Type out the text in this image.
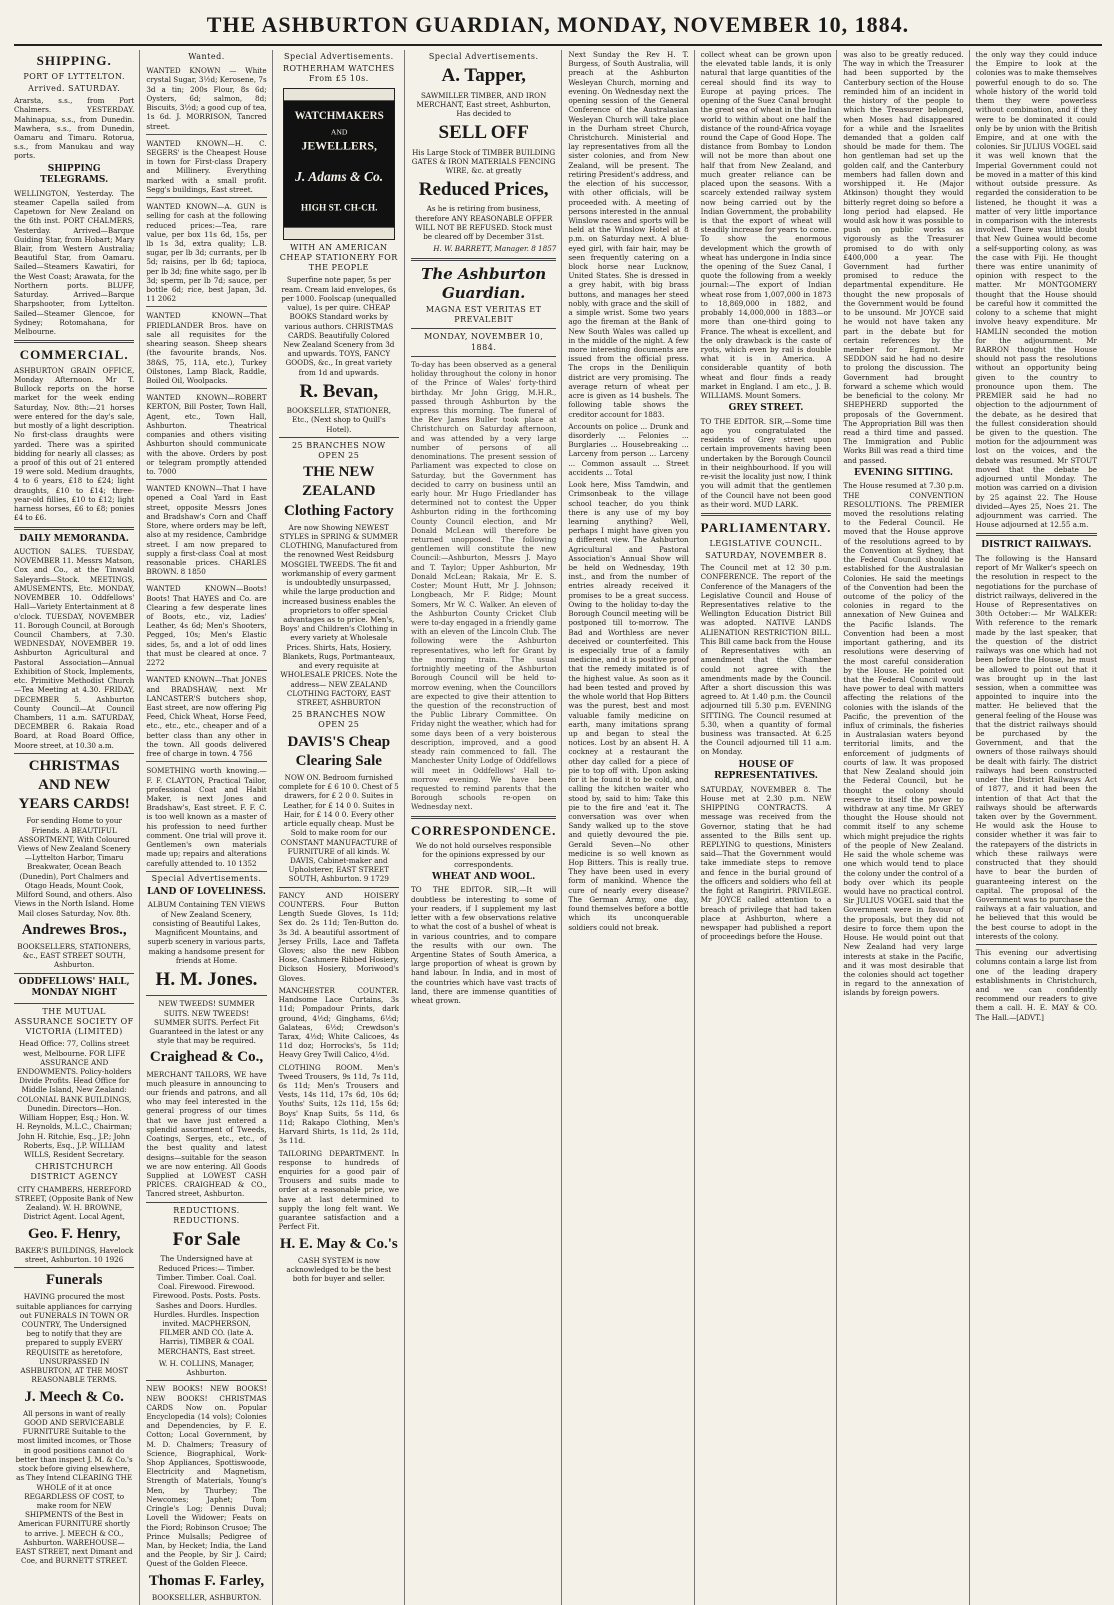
THE ASHBURTON GUARDIAN, MONDAY, NOVEMBER 10, 1884.
SHIPPING.
PORT OF LYTTELTON.
Arrived. SATURDAY.

Ararsta, s.s., from Port Chalmers. YESTERDAY. Mahinapua, s.s., from Dunedin. Mawhera, s.s., from Dunedin, Oamaru and Timaru. Rotorua, s.s., from Manukau and way ports.

SHIPPING TELEGRAMS.

WELLINGTON, Yesterday. The steamer Capella sailed from Capetown for New Zealand on the 6th inst. PORT CHALMERS, Yesterday. Arrived—Barque Guiding Star, from Hobart; Mary Blair, from Western Australia; Beautiful Star, from Oamaru. Sailed—Steamers Kawatiri, for the West Coast; Arawata, for the Northern ports. BLUFF, Saturday. Arrived—Barque Sharpshooter, from Lyttelton. Sailed—Steamer Glencoe, for Sydney; Rotomahana, for Melbourne.

COMMERCIAL.

ASHBURTON GRAIN OFFICE, Monday Afternoon. Mr T. Bullock reports on the horse market for the week ending Saturday, Nov. 8th:—21 horses were entered for the day's sale, but mostly of a light description. No first-class draughts were yarded. There was a spirited bidding for nearly all classes; as a proof of this out of 21 entered 19 were sold. Medium draughts, 4 to 6 years, £18 to £24; light draughts, £10 to £14; three-year-old fillies, £10 to £12; light harness horses, £6 to £8; ponies £4 to £6.

DAILY MEMORANDA.

AUCTION SALES. TUESDAY, NOVEMBER 11. Messrs Matson, Cox and Co., at the Tinwald Saleyards—Stock. MEETINGS, AMUSEMENTS, Etc. MONDAY, NOVEMBER 10. Oddfellows' Hall—Variety Entertainment at 8 o'clock. TUESDAY, NOVEMBER 11. Borough Council, at Borough Council Chambers, at 7.30. WEDNESDAY, NOVEMBER 19. Ashburton Agricultural and Pastoral Association—Annual Exhibition of Stock, Implements, etc. Primitive Methodist Church—Tea Meeting at 4.30. FRIDAY, DECEMBER 5. Ashburton County Council—At Council Chambers, 11 a.m. SATURDAY, DECEMBER 6. Rakaia Road Board, at Road Board Office, Moore street, at 10.30 a.m.

CHRISTMAS AND NEW YEARS CARDS!

For sending Home to your Friends. A BEAUTIFUL ASSORTMENT, With Coloured Views of New Zealand Scenery—Lyttelton Harbor, Timaru Breakwater, Ocean Beach (Dunedin), Port Chalmers and Otago Heads, Mount Cook, Milford Sound, and others. Also Views in the North Island. Home Mail closes Saturday, Nov. 8th.

Andrewes Bros.,

BOOKSELLERS, STATIONERS, &c., EAST STREET SOUTH, Ashburton.

ODDFELLOWS' HALL, MONDAY NIGHT
THE MUTUAL ASSURANCE SOCIETY OF VICTORIA (LIMITED)

Head Office: 77, Collins street west, Melbourne. FOR LIFE ASSURANCE AND ENDOWMENTS. Policy-holders Divide Profits. Head Office for Middle Island, New Zealand: COLONIAL BANK BUILDINGS, Dunedin. Directors—Hon. William Hopper, Esq.; Hon. W. H. Reynolds, M.L.C., Chairman; John H. Ritchie, Esq., J.P.; John Roberts, Esq., J.P. WILLIAM WILLS, Resident Secretary.

CHRISTCHURCH DISTRICT AGENCY

CITY CHAMBERS, HEREFORD STREET, (Opposite Bank of New Zealand). W. H. BROWNE, District Agent. Local Agent,

Geo. F. Henry,

BAKER'S BUILDINGS, Havelock street, Ashburton. 10 1926

Funerals

HAVING procured the most suitable appliances for carrying out FUNERALS IN TOWN OR COUNTRY, The Undersigned beg to notify that they are prepared to supply EVERY REQUISITE as heretofore, UNSURPASSED IN ASHBURTON, AT THE MOST REASONABLE TERMS.

J. Meech & Co.

All persons in want of really GOOD AND SERVICEABLE FURNITURE Suitable to the most limited incomes, or Those in good positions cannot do better than inspect J. M. & Co.'s stock before giving elsewhere, as They Intend CLEARING THE WHOLE of it at once REGARDLESS OF COST, to make room for NEW SHIPMENTS of the Best in American FURNITURE shortly to arrive. J. MEECH & CO., Ashburton. WAREHOUSE—EAST STREET, next Dimant and Coe, and BURNETT STREET.

Wanted.
WANTED KNOWN — White crystal Sugar, 3½d; Kerosene, 7s 3d a tin; 200s Flour, 8s 6d; Oysters, 6d; salmon, 8d; Biscuits, 3½d; a good cup of tea, 1s 6d. J. MORRISON, Tancred street.
WANTED KNOWN—H. C. SEGERS' is the Cheapest House in town for First-class Drapery and Millinery. Everything marked with a small profit. Segg's buildings, East street.
WANTED KNOWN—A. GUN is selling for cash at the following reduced prices:—Tea, rare value, per box 11s 6d, 15s, per lb 1s 3d, extra quality; L.B. sugar, per lb 3d; currants, per lb 5d; raisins, per lb 6d; tapioca, per lb 3d; fine white sago, per lb 3d; sperm, per lb 7d; sauce, per bottle 6d; rice, best Japan, 3d. 11 2062
WANTED KNOWN—That FRIEDLANDER Bros. have on sale all requisites for the shearing season. Sheep shears (the favourite brands, Nos. 38&S, 75, 11A, etc.), Turkey Oilstones, Lamp Black, Raddle, Boiled Oil, Woolpacks.
WANTED KNOWN—ROBERT KERTON, Bill Poster, Town Hall, Agent, etc., Town Hall, Ashburton. Theatrical companies and others visiting Ashburton should communicate with the above. Orders by post or telegram promptly attended to. 7000
WANTED KNOWN—That I have opened a Coal Yard in East street, opposite Messrs Jones and Bradshaw's Corn and Chaff Store, where orders may be left, also at my residence, Cambridge street. I am now prepared to supply a first-class Coal at most reasonable prices. CHARLES BROWN. 8 1850
WANTED KNOWN—Boots! Boots! That HAYES and Co. are Clearing a few desperate lines of Boots, etc., viz, Ladies' Leather, 4s 6d; Men's Shooters, Pegged, 10s; Men's Elastic sides, 5s, and a lot of odd lines that must be cleared at once. 7 2272
WANTED KNOWN—That JONES and BRADSHAW, next Mr LANCASTER'S butchers shop, East street, are now offering Pig Feed, Chick Wheat, Horse Feed, etc., etc., etc., cheaper and of a better class than any other in the town. All goods delivered free of charge in town. 4 756
SOMETHING worth knowing.—F. F. CLAYTON, Practical Tailor, professional Coat and Habit Maker, is next Jones and Bradshaw's, East street. F. F. C. is too well known as a master of his profession to need further comment. One trial will prove it. Gentlemen's own materials made up; repairs and alterations carefully attended to. 10 1352
Special Advertisements.
LAND OF LOVELINESS.

ALBUM Containing TEN VIEWS of New Zealand Scenery, consisting of Beautiful Lakes, Magnificent Mountains, and superb scenery in various parts, making a handsome present for friends at Home.

H. M. Jones.

NEW TWEEDS! SUMMER SUITS. NEW TWEEDS! SUMMER SUITS. Perfect Fit Guaranteed in the latest or any style that may be required.

Craighead & Co.,

MERCHANT TAILORS, WE have much pleasure in announcing to our friends and patrons, and all who may feel interested in the general progress of our times that we have just entered a splendid assortment of Tweeds, Coatings, Serges, etc., etc., of the best quality and latest designs—suitable for the season we are now entering. All Goods Supplied at LOWEST CASH PRICES. CRAIGHEAD & CO., Tancred street, Ashburton.

REDUCTIONS. REDUCTIONS.
For Sale

The Undersigned have at Reduced Prices:— Timber. Timber. Timber. Coal. Coal. Coal. Firewood. Firewood. Firewood. Posts. Posts. Posts. Sashes and Doors. Hurdles. Hurdles. Hurdles. Inspection invited. MACPHERSON, FILMER AND CO. (late A. Harris), TIMBER & COAL MERCHANTS, East street.

W. H. COLLINS, Manager, Ashburton.

NEW BOOKS! NEW BOOKS! NEW BOOKS! CHRISTMAS CARDS Now on. Popular Encyclopedia (14 vols); Colonies and Dependencies, by F. E. Cotton; Local Government, by M. D. Chalmers; Treasury of Science, Biographical, Work-Shop Appliances, Spottiswoode, Electricity and Magnetism, Strength of Materials, Young's Men, by Thurbey; The Newcomes; Japhet; Tom Cringle's Log; Dennis Duval; Lovell the Widower; Feats on the Fiord; Robinson Crusoe; The Prince Mulsalls; Pedigree of Man, by Hecket; India, the Land and the People, by Sir J. Caird; Quest of the Golden Fleece.

Thomas F. Farley,

BOOKSELLER, ASHBURTON.

Special Advertisements.
ROTHERHAM WATCHES From £5 10s.
WATCHMAKERS
AND
JEWELLERS,
J. Adams & Co.
HIGH ST. CH-CH.
WITH AN AMERICAN CHEAP STATIONERY FOR THE PEOPLE

Superfine note paper, 5s per ream. Cream laid envelopes, 6s per 1000. Foolscap (unequalled value), 1s per quire. CHEAP BOOKS Standard works by various authors. CHRISTMAS CARDS. Beautifully Colored New Zealand Scenery from 3d and upwards. TOYS, FANCY GOODS, &c., In great variety from 1d and upwards.

R. Bevan,

BOOKSELLER, STATIONER, Etc., (Next shop to Quill's Hotel).

25 BRANCHES NOW OPEN 25
THE NEW ZEALAND Clothing Factory

Are now Showing NEWEST STYLES in SPRING & SUMMER CLOTHING, Manufactured from the renowned West Reidsburg MOSGIEL TWEEDS. The fit and workmanship of every garment is undoubtedly unsurpassed, while the large production and increased business enables the proprietors to offer special advantages as to price. Men's, Boys' and Children's Clothing in every variety at Wholesale Prices. Shirts, Hats, Hosiery, Blankets, Rugs, Portmanteaux, and every requisite at WHOLESALE PRICES. Note the address— NEW ZEALAND CLOTHING FACTORY, EAST STREET, ASHBURTON

25 BRANCHES NOW OPEN 25
DAVIS'S Cheap Clearing Sale

NOW ON. Bedroom furnished complete for £ 6 10 0. Chest of 5 drawers, for £ 2 0 0. Suites in Leather, for £ 14 0 0. Suites in Hair, for £ 14 0 0. Every other article equally cheap. Must be Sold to make room for our CONSTANT MANUFACTURE of FURNITURE of all kinds. W. DAVIS, Cabinet-maker and Upholsterer, EAST STREET SOUTH, Ashburton. 9 1729

FANCY AND HOISERY COUNTERS. Four Button Length Suede Gloves, 1s 11d; Sex do. 2s 11d; Ten-Button do. 3s 3d. A beautiful assortment of Jersey Frills, Lace and Taffeta Gloves; also the new Ribbon Hose, Cashmere Ribbed Hosiery, Dickson Hosiery, Moriwood's Gloves.

MANCHESTER COUNTER. Handsome Lace Curtains, 3s 11d; Pompadour Prints, dark ground, 4½d; Ginghams, 6½d; Galateas, 6½d; Crewdson's Tarax, 4½d; White Calicoes, 4s 11d doz; Horrocks's, 5s 11d; Heavy Grey Twill Calico, 4½d.

CLOTHING ROOM. Men's Tweed Trousers, 9s 11d, 7s 11d, 6s 11d; Men's Trousers and Vests, 14s 11d, 17s 6d, 10s 6d; Youths' Suits, 12s 11d, 15s 6d; Boys' Knap Suits, 5s 11d, 6s 11d; Rakapo Clothing, Men's Harvard Shirts, 1s 11d, 2s 11d, 3s 11d.

TAILORING DEPARTMENT. In response to hundreds of enquiries for a good pair of Trousers and suits made to order at a reasonable price, we have at last determined to supply the long felt want. We guarantee satisfaction and a Perfect Fit.

H. E. May & Co.'s

CASH SYSTEM is now acknowledged to be the best both for buyer and seller.

Special Advertisements.
A. Tapper,

SAWMILLER TIMBER, AND IRON MERCHANT, East street, Ashburton, Has decided to

SELL OFF

His Large Stock of TIMBER BUILDING GATES & IRON MATERIALS FENCING WIRE, &c. at greatly

Reduced Prices,

As he is retiring from business, therefore ANY REASONABLE OFFER WILL NOT BE REFUSED. Stock must be cleared off by December 31st.

H. W. BARRETT, Manager. 8 1857

The Ashburton Guardian.
MAGNA EST VERITAS ET PREVALEBIT
MONDAY, NOVEMBER 10, 1884.

To-day has been observed as a general holiday throughout the colony in honor of the Prince of Wales' forty-third birthday. Mr John Grigg, M.H.R., passed through Ashburton by the express this morning. The funeral of the Rev James Buller took place at Christchurch on Saturday afternoon, and was attended by a very large number of persons of all denominations. The present session of Parliament was expected to close on Saturday, but the Government has decided to carry on business until an early hour. Mr Hugo Friedlander has determined not to contest the Upper Ashburton riding in the forthcoming County Council election, and Mr Donald McLean will therefore be returned unopposed. The following gentlemen will constitute the new Council:—Ashburton, Messrs J. Mayo and T. Taylor; Upper Ashburton, Mr Donald McLean; Rakaia, Mr E. S. Coster; Mount Hutt, Mr J. Johnson; Longbeach, Mr F. Ridge; Mount Somers, Mr W. C. Walker. An eleven of the Ashburton County Cricket Club were to-day engaged in a friendly game with an eleven of the Lincoln Club. The following were the Ashburton representatives, who left for Grant by the morning train. The usual fortnightly meeting of the Ashburton Borough Council will be held to-morrow evening, when the Councillors are expected to give their attention to the question of the reconstruction of the Public Library Committee. On Friday night the weather, which had for some days been of a very boisterous description, improved, and a good steady rain commenced to fall. The Manchester Unity Lodge of Oddfellows will meet in Oddfellows' Hall to-morrow evening. We have been requested to remind parents that the Borough schools re-open on Wednesday next.

CORRESPONDENCE.

We do not hold ourselves responsible for the opinions expressed by our correspondents.

WHEAT AND WOOL.

TO THE EDITOR. SIR,—It will doubtless be interesting to some of your readers, if I supplement my last letter with a few observations relative to what the cost of a bushel of wheat is in various countries, and to compare the results with our own. The Argentine States of South America, a large proportion of wheat is grown by hand labour. In India, and in most of the countries which have vast tracts of land, there are immense quantities of wheat grown.

Next Sunday the Rev H. T. Burgess, of South Australia, will preach at the Ashburton Wesleyan Church, morning and evening. On Wednesday next the opening session of the General Conference of the Australasian Wesleyan Church will take place in the Durham street Church, Christchurch. Ministerial and lay representatives from all the sister colonies, and from New Zealand, will be present. The retiring President's address, and the election of his successor, with other officials, will be proceeded with. A meeting of persons interested in the annual Winslow races and sports will be held at the Winslow Hotel at 8 p.m. on Saturday next. A blue-eyed girl, with fair hair, may be seen frequently catering on a block horse near Lucknow, United States. She is dressed in a grey habit, with big brass buttons, and manages her steed nobly, with grace and the skill of a simple wrist. Some two years ago the fireman at the Bank of New South Wales was called up in the middle of the night. A few more interesting documents are issued from the official press. The crops in the Deniliquin district are very promising. The average return of wheat per acre is given as 14 bushels. The following table shows the creditor account for 1883.

Accounts on police ... Drunk and disorderly ... Felonies ... Burglaries ... Housebreaking ... Larceny from person ... Larceny ... Common assault ... Street accidents ... Total

Look here, Miss Tamdwin, and Crimsonbeak to the village school teacher, do you think there is any use of my boy learning anything? Well, perhaps I might have given you a different view. The Ashburton Agricultural and Pastoral Association's Annual Show will be held on Wednesday, 19th inst., and from the number of entries already received it promises to be a great success. Owing to the holiday to-day the Borough Council meeting will be postponed till to-morrow. The Bad and Worthless are never deceived or counterfeited. This is especially true of a family medicine, and it is positive proof that the remedy imitated is of the highest value. As soon as it had been tested and proved by the whole world that Hop Bitters was the purest, best and most valuable family medicine on earth, many imitations sprang up and began to steal the notices. Lost by an absent H. A cockney at a restaurant the other day called for a piece of pie to top off with. Upon asking for it he found it to be cold, and calling the kitchen waiter who stood by, said to him: Take this pie to the fire and 'eat it. The conversation was over when Sandy walked up to the stove and quietly devoured the pie. Gerald Seven—No other medicine is so well known as Hop Bitters. This is really true. They have been used in every form of mankind. Whence the cure of nearly every disease? The German Army, one day, found themselves before a bottle which its unconquerable soldiers could not break.

collect wheat can be grown upon the elevated table lands, it is only natural that large quantities of the cereal should find its way to Europe at paying prices. The opening of the Suez Canal brought the great sea of wheat in the Indian world to within about one half the distance of the round-Africa voyage round the Cape of Good Hope. The distance from Bombay to London will not be more than about one half that from New Zealand, and much greater reliance can be placed upon the seasons. With a scarcely extended railway system now being carried out by the Indian Government, the probability is that the export of wheat will steadily increase for years to come. To show the enormous development which the growth of wheat has undergone in India since the opening of the Suez Canal, I quote the following from a weekly journal:—The export of Indian wheat rose from 1,007,000 in 1873 to 18,869,000 in 1882, and probably 14,000,000 in 1883—or more than one-third going to France. The wheat is excellent, and the only drawback is the caste of ryots, which even by rail is double what it is in America. A considerable quantity of both wheat and flour finds a ready market in England. I am etc., J. B. WILLIAMS. Mount Somers.

GREY STREET.

TO THE EDITOR. SIR,—Some time ago you congratulated the residents of Grey street upon certain improvements having been undertaken by the Borough Council in their neighbourhood. If you will re-visit the locality just now, I think you will admit that the gentlemen of the Council have not been good as their word. MUD LARK.

PARLIAMENTARY.
LEGISLATIVE COUNCIL.
SATURDAY, NOVEMBER 8.

The Council met at 12 30 p.m. CONFERENCE. The report of the Conference of the Managers of the Legislative Council and House of Representatives relative to the Wellington Education District Bill was adopted. NATIVE LANDS ALIENATION RESTRICTION BILL. This Bill came back from the House of Representatives with an amendment that the Chamber could not agree with the amendments made by the Council. After a short discussion this was agreed to. At 1.40 p.m. the Council adjourned till 5.30 p.m. EVENING SITTING. The Council resumed at 5.30, when a quantity of formal business was transacted. At 6.25 the Council adjourned till 11 a.m. on Monday.

HOUSE OF REPRESENTATIVES.

SATURDAY, NOVEMBER 8. The House met at 2.30 p.m. NEW SHIPPING CONTRACTS. A message was received from the Governor, stating that he had assented to the Bills sent up. REPLYING to questions, Ministers said—That the Government would take immediate steps to remove and fence in the burial ground of the officers and soldiers who fell at the fight at Rangiriri. PRIVILEGE. Mr JOYCE called attention to a breach of privilege that had taken place at Ashburton, where a newspaper had published a report of proceedings before the House.

was also to be greatly reduced. The way in which the Treasurer had been supported by the Canterbury section of the House reminded him of an incident in the history of the people to which the Treasurer belonged, when Moses had disappeared for a while and the Israelites demanded that a golden calf should be made for them. The hon gentleman had set up the golden calf, and the Canterbury members had fallen down and worshipped it. He (Major Atkinson) thought they would bitterly regret doing so before a long period had elapsed. He would ask how it was possible to push on public works as vigorously as the Treasurer promised to do with only £400,000 a year. The Government had further promised to reduce the departmental expenditure. He thought the new proposals of the Government would be found to be unsound. Mr JOYCE said he would not have taken any part in the debate but for certain references by the member for Egmont. Mr SEDDON said he had no desire to prolong the discussion. The Government had brought forward a scheme which would be beneficial to the colony. Mr SHEPHERD supported the proposals of the Government. The Appropriation Bill was then read a third time and passed. The Immigration and Public Works Bill was read a third time and passed.

EVENING SITTING.

The House resumed at 7.30 p.m. THE CONVENTION RESOLUTIONS. The PREMIER moved the resolutions relating to the Federal Council. He moved that the House approve of the resolutions agreed to by the Convention at Sydney, that the Federal Council should be established for the Australasian Colonies. He said the meetings of the Convention had been the outcome of the policy of the colonies in regard to the annexation of New Guinea and the Pacific Islands. The Convention had been a most important gathering, and its resolutions were deserving of the most careful consideration by the House. He pointed out that the Federal Council would have power to deal with matters affecting the relations of the colonies with the islands of the Pacific, the prevention of the influx of criminals, the fisheries in Australasian waters beyond territorial limits, and the enforcement of judgments of courts of law. It was proposed that New Zealand should join the Federal Council, but he thought the colony should reserve to itself the power to withdraw at any time. Mr GREY thought the House should not commit itself to any scheme which might prejudice the rights of the people of New Zealand. He said the whole scheme was one which would tend to place the colony under the control of a body over which its people would have no practical control. Sir JULIUS VOGEL said that the Government were in favour of the proposals, but they did not desire to force them upon the House. He would point out that New Zealand had very large interests at stake in the Pacific, and it was most desirable that the colonies should act together in regard to the annexation of islands by foreign powers.

the only way they could induce the Empire to look at the colonies was to make themselves powerful enough to do so. The whole history of the world told them they were powerless without combination, and if they were to be dominated it could only be by union with the British Empire, and at one with the colonies. Sir JULIUS VOGEL said it was well known that the Imperial Government could not be moved in a matter of this kind without outside pressure. As regarded the consideration to be listened, he thought it was a matter of very little importance in comparison with the interests involved. There was little doubt that New Guinea would become a self-supporting colony, as was the case with Fiji. He thought there was entire unanimity of opinion with respect to the matter. Mr MONTGOMERY thought that the House should be careful how it committed the colony to a scheme that might involve heavy expenditure. Mr HAMLIN seconded the motion for the adjournment. Mr BARRON thought the House should not pass the resolutions without an opportunity being given to the country to pronounce upon them. The PREMIER said he had no objection to the adjournment of the debate, as he desired that the fullest consideration should be given to the question. The motion for the adjournment was lost on the voices, and the debate was resumed. Mr STOUT moved that the debate be adjourned until Monday. The motion was carried on a division by 25 against 22. The House divided—Ayes 25, Noes 21. The adjournment was carried. The House adjourned at 12.55 a.m.

DISTRICT RAILWAYS.

The following is the Hansard report of Mr Walker's speech on the resolution in respect to the negotiations for the purchase of district railways, delivered in the House of Representatives on 30th October:— Mr WALKER: With reference to the remark made by the last speaker, that the question of the district railways was one which had not been before the House, he must be allowed to point out that it was brought up in the last session, when a committee was appointed to inquire into the matter. He believed that the general feeling of the House was that the district railways should be purchased by the Government, and that the owners of those railways should be dealt with fairly. The district railways had been constructed under the District Railways Act of 1877, and it had been the intention of that Act that the railways should be afterwards taken over by the Government. He would ask the House to consider whether it was fair to the ratepayers of the districts in which these railways were constructed that they should have to bear the burden of guaranteeing interest on the capital. The proposal of the Government was to purchase the railways at a fair valuation, and he believed that this would be the best course to adopt in the interests of the colony.

This evening our advertising columns contain a large list from one of the leading drapery establishments in Christchurch, and we can confidently recommend our readers to give them a call. H. E. MAY & CO. The Hall.—[ADVT.]
